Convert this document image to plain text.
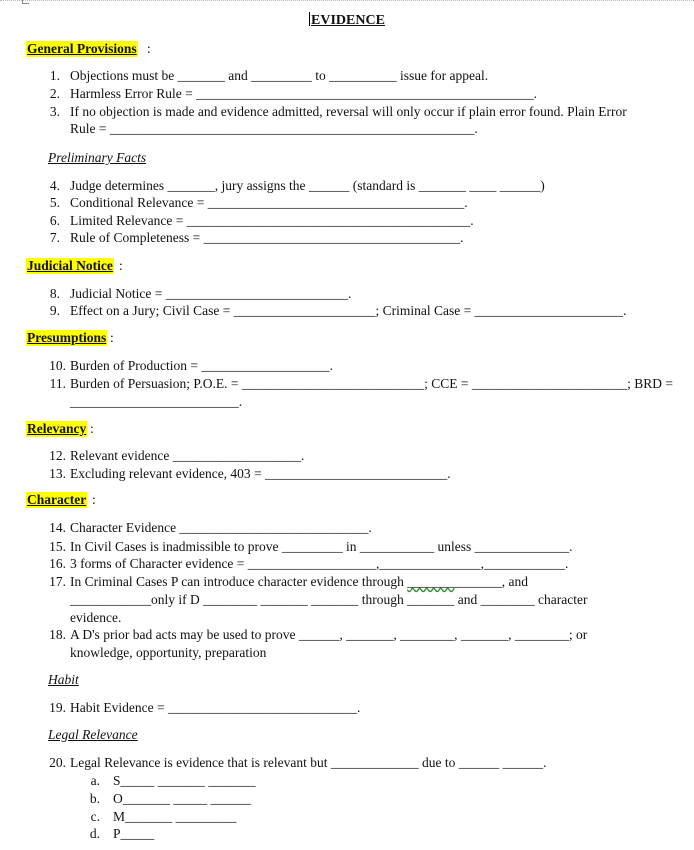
EVIDENCE
General Provisions :
1. Objections must be _______ and _________ to __________ issue for appeal.
2. Harmless Error Rule = __________________________________________________.
3. If no objection is made and evidence admitted, reversal will only occur if plain error found. Plain Error
Rule = ______________________________________________________.
Preliminary Facts
4. Judge determines _______, jury assigns the ______ (standard is _______ ____ ______)
5. Conditional Relevance = ______________________________________.
6. Limited Relevance = __________________________________________.
7. Rule of Completeness = ______________________________________.
Judicial Notice :
8. Judicial Notice = ___________________________.
9. Effect on a Jury; Civil Case = _____________________; Criminal Case = ______________________.
Presumptions :
10. Burden of Production = ___________________.
11. Burden of Persuasion; P.O.E. = ___________________________; CCE = _______________________; BRD =
_________________________.
Relevancy :
12. Relevant evidence ___________________.
13. Excluding relevant evidence, 403 = ___________________________.
Character :
14. Character Evidence ____________________________.
15. In Civil Cases is inadmissible to prove _________ in ___________ unless ______________.
16. 3 forms of Character evidence = ___________________,_______________,____________.
17. In Criminal Cases P can introduce character evidence through ______________, and
____________only if D ________ _______ _______ through _______ and ________ character
evidence.
18. A D's prior bad acts may be used to prove ______, _______, ________, _______, ________; or
knowledge, opportunity, preparation
Habit
19. Habit Evidence = ____________________________.
Legal Relevance
20. Legal Relevance is evidence that is relevant but _____________ due to ______ ______.
a. S_____ _______ _______
b. O_______ _____ ______
c. M_______ _________
d. P_____
